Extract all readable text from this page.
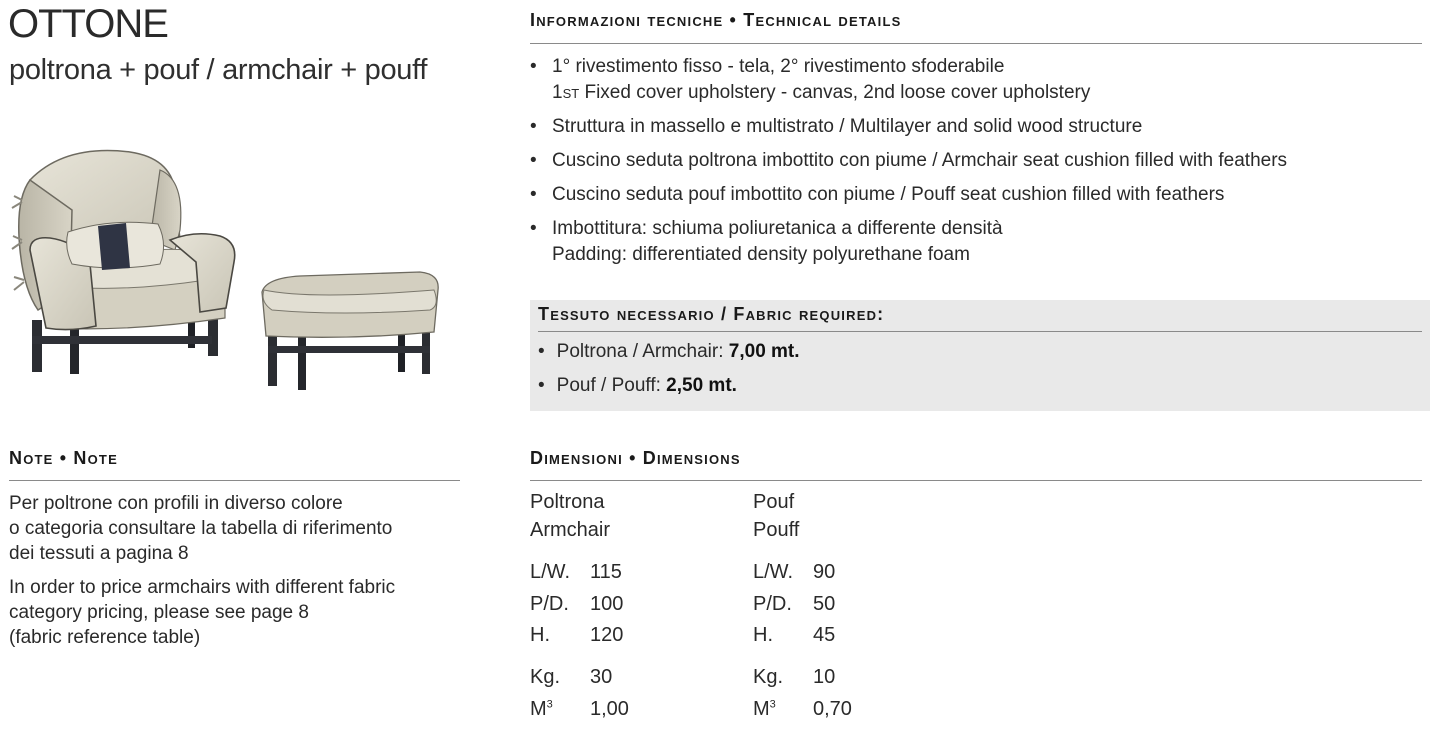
OTTONE
poltrona + pouf / armchair + pouff
Informazioni tecniche • Technical details
• 1° rivestimento fisso - tela, 2° rivestimento sfoderabile
1st Fixed cover upholstery - canvas, 2nd loose cover upholstery
• Struttura in massello e multistrato / Multilayer and solid wood structure
• Cuscino seduta poltrona imbottito con piume / Armchair seat cushion filled with feathers
• Cuscino seduta pouf imbottito con piume / Pouff seat cushion filled with feathers
• Imbottitura: schiuma poliuretanica a differente densità
Padding: differentiated density polyurethane foam
Tessuto necessario / Fabric required:
• Poltrona / Armchair: 7,00 mt.
• Pouf / Pouff: 2,50 mt.
Note • Note
Per poltrone con profili in diverso colore
o categoria consultare la tabella di riferimento
dei tessuti a pagina 8
In order to price armchairs with different fabric
category pricing, please see page 8
(fabric reference table)
Dimensioni • Dimensions
Poltrona
Armchair
L/W. 115
P/D. 100
H. 120
Kg. 30
$M^3$ 1,00
Pouf
Pouff
L/W. 90
P/D. 50
H. 45
Kg. 10
$M^3$ 0,70
